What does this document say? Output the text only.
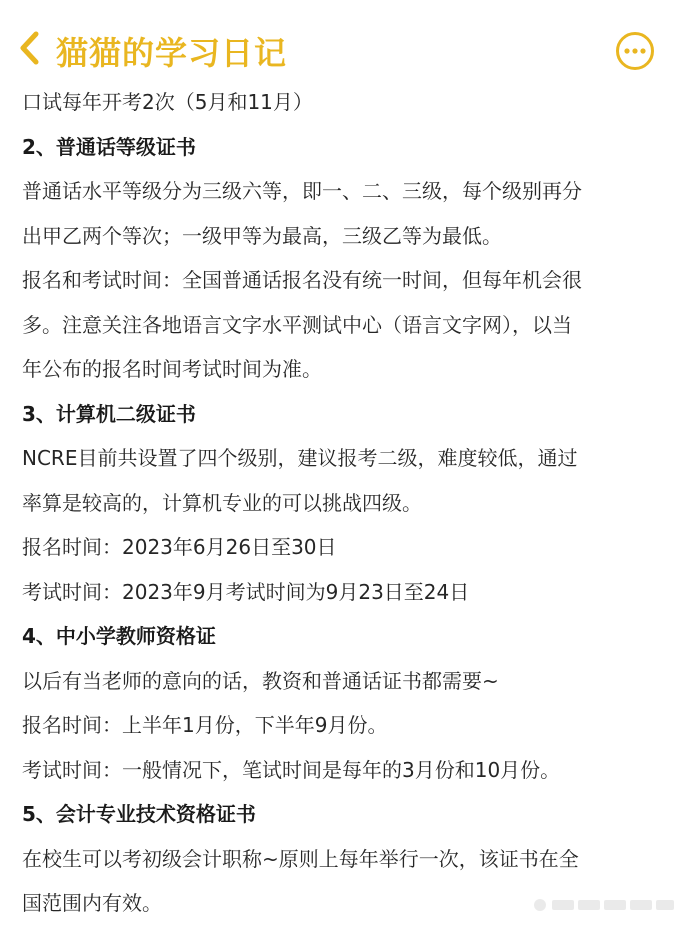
猫猫的学习日记
口试每年开考2次（5月和11月）
2、普通话等级证书
普通话水平等级分为三级六等，即一、二、三级，每个级别再分
出甲乙两个等次；一级甲等为最高，三级乙等为最低。
报名和考试时间：全国普通话报名没有统一时间，但每年机会很
多。注意关注各地语言文字水平测试中心（语言文字网），以当
年公布的报名时间考试时间为准。
3、计算机二级证书
NCRE目前共设置了四个级别，建议报考二级，难度较低，通过
率算是较高的，计算机专业的可以挑战四级。
报名时间：2023年6月26日至30日
考试时间：2023年9月考试时间为9月23日至24日
4、中小学教师资格证
以后有当老师的意向的话，教资和普通话证书都需要~
报名时间：上半年1月份，下半年9月份。
考试时间：一般情况下，笔试时间是每年的3月份和10月份。
5、会计专业技术资格证书
在校生可以考初级会计职称~原则上每年举行一次，该证书在全
国范围内有效。
